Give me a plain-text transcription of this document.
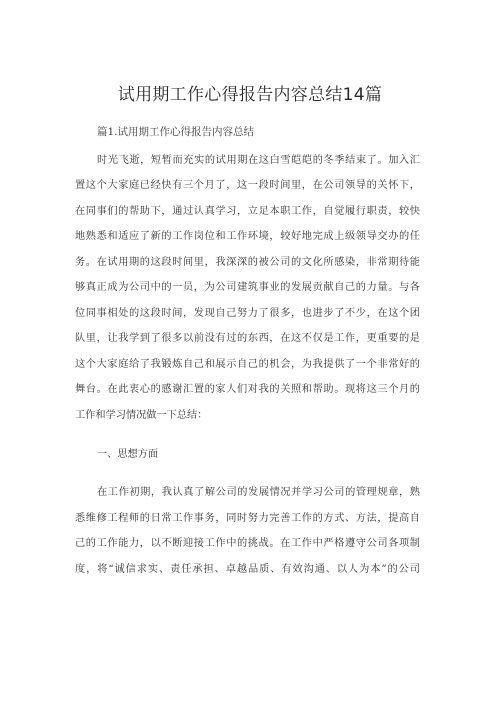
试用期工作心得报告内容总结14篇
篇1.试用期工作心得报告内容总结
时光飞逝，短暂而充实的试用期在这白雪皑皑的冬季结束了。加入汇
置这个大家庭已经快有三个月了，这一段时间里，在公司领导的关怀下，
在同事们的帮助下，通过认真学习，立足本职工作，自觉履行职责，较快
地熟悉和适应了新的工作岗位和工作环境，较好地完成上级领导交办的任
务。在试用期的这段时间里，我深深的被公司的文化所感染，非常期待能
够真正成为公司中的一员，为公司建筑事业的发展贡献自己的力量。与各
位同事相处的这段时间，发现自己努力了很多，也进步了不少，在这个团
队里，让我学到了很多以前没有过的东西，在这不仅是工作，更重要的是
这个大家庭给了我锻炼自己和展示自己的机会，为我提供了一个非常好的
舞台。在此衷心的感谢汇置的家人们对我的关照和帮助。现将这三个月的
工作和学习情况做一下总结：
一、思想方面
在工作初期，我认真了解公司的发展情况并学习公司的管理规章，熟
悉维修工程师的日常工作事务，同时努力完善工作的方式、方法，提高自
己的工作能力，以不断迎接工作中的挑战。在工作中严格遵守公司各项制
度，将“诚信求实、责任承担、卓越品质、有效沟通、以人为本”的公司
